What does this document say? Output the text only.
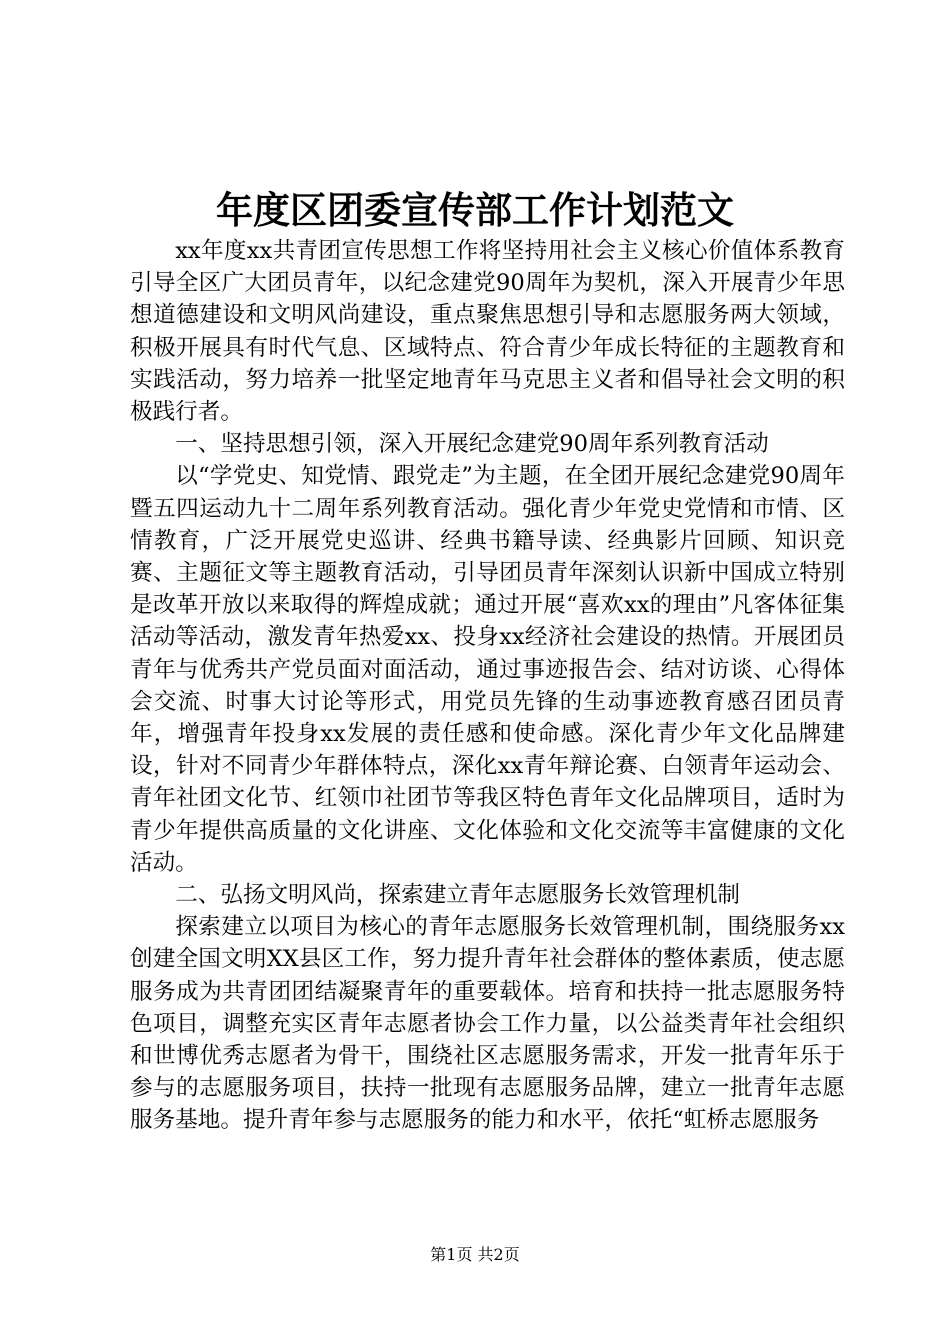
年度区团委宣传部工作计划范文

xx年度xx共青团宣传思想工作将坚持用社会主义核心价值体系教育引导全区广大团员青年，以纪念建党90周年为契机，深入开展青少年思想道德建设和文明风尚建设，重点聚焦思想引导和志愿服务两大领域，积极开展具有时代气息、区域特点、符合青少年成长特征的主题教育和实践活动，努力培养一批坚定地青年马克思主义者和倡导社会文明的积极践行者。

一、坚持思想引领，深入开展纪念建党90周年系列教育活动

以“学党史、知党情、跟党走”为主题，在全团开展纪念建党90周年暨五四运动九十二周年系列教育活动。强化青少年党史党情和市情、区情教育，广泛开展党史巡讲、经典书籍导读、经典影片回顾、知识竞赛、主题征文等主题教育活动，引导团员青年深刻认识新中国成立特别是改革开放以来取得的辉煌成就；通过开展“喜欢xx的理由”凡客体征集活动等活动，激发青年热爱xx、投身xx经济社会建设的热情。开展团员青年与优秀共产党员面对面活动，通过事迹报告会、结对访谈、心得体会交流、时事大讨论等形式，用党员先锋的生动事迹教育感召团员青年，增强青年投身xx发展的责任感和使命感。深化青少年文化品牌建设，针对不同青少年群体特点，深化xx青年辩论赛、白领青年运动会、青年社团文化节、红领巾社团节等我区特色青年文化品牌项目，适时为青少年提供高质量的文化讲座、文化体验和文化交流等丰富健康的文化活动。

二、弘扬文明风尚，探索建立青年志愿服务长效管理机制

探索建立以项目为核心的青年志愿服务长效管理机制，围绕服务xx创建全国文明XX县区工作，努力提升青年社会群体的整体素质，使志愿服务成为共青团团结凝聚青年的重要载体。培育和扶持一批志愿服务特色项目，调整充实区青年志愿者协会工作力量，以公益类青年社会组织和世博优秀志愿者为骨干，围绕社区志愿服务需求，开发一批青年乐于参与的志愿服务项目，扶持一批现有志愿服务品牌，建立一批青年志愿服务基地。提升青年参与志愿服务的能力和水平，依托“虹桥志愿服务

第1页 共2页
